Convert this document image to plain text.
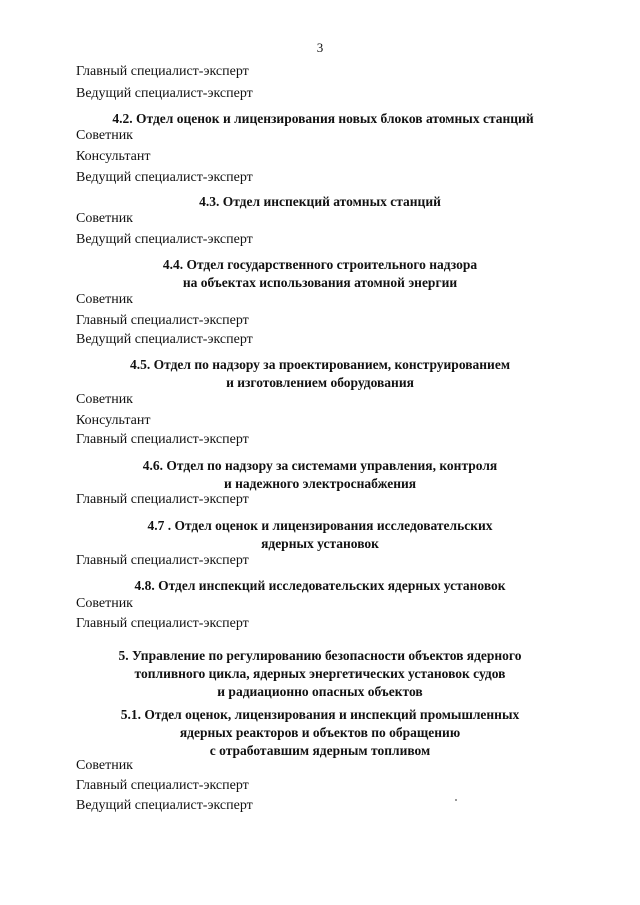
3
Главный специалист-эксперт
Ведущий специалист-эксперт
4.2. Отдел оценок и лицензирования новых блоков атомных станций
Советник
Консультант
Ведущий специалист-эксперт
4.3. Отдел инспекций атомных станций
Советник
Ведущий специалист-эксперт
4.4. Отдел государственного строительного надзора
на объектах использования атомной энергии
Советник
Главный специалист-эксперт
Ведущий специалист-эксперт
4.5. Отдел по надзору за проектированием, конструированием
и изготовлением оборудования
Советник
Консультант
Главный специалист-эксперт
4.6. Отдел по надзору за системами управления, контроля
и надежного электроснабжения
Главный специалист-эксперт
4.7 . Отдел оценок и лицензирования исследовательских
ядерных установок
Главный специалист-эксперт
4.8. Отдел инспекций исследовательских ядерных установок
Советник
Главный специалист-эксперт
5. Управление по регулированию безопасности объектов ядерного
топливного цикла, ядерных энергетических установок судов
и радиационно опасных объектов
5.1. Отдел оценок, лицензирования и инспекций промышленных
ядерных реакторов и объектов по обращению
с отработавшим ядерным топливом
Советник
Главный специалист-эксперт
Ведущий специалист-эксперт
